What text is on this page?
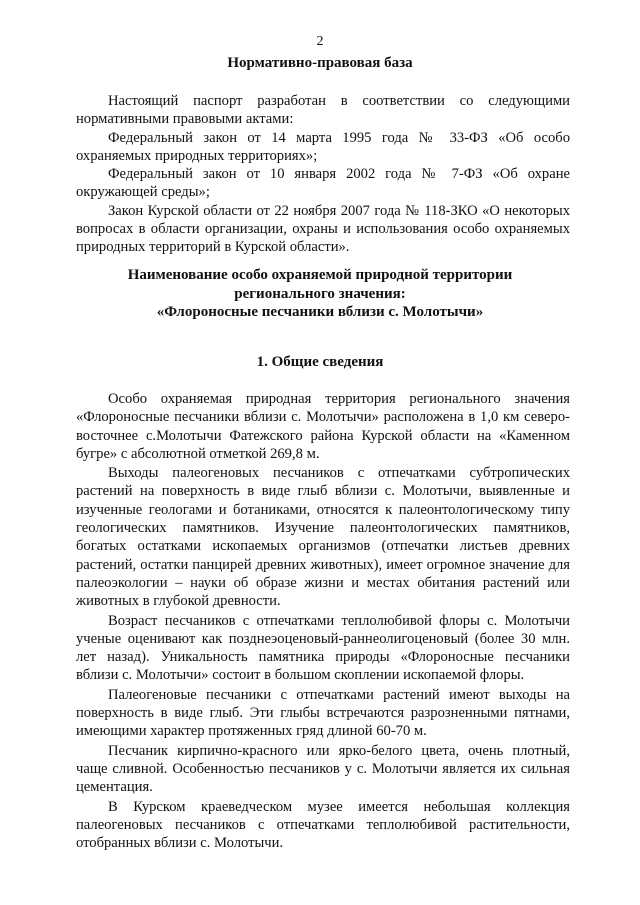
2
Нормативно-правовая база

Настоящий паспорт разработан в соответствии со следующими нормативными правовыми актами:

Федеральный закон от 14 марта 1995 года № 33-ФЗ «Об особо охраняемых природных территориях»;

Федеральный закон от 10 января 2002 года № 7-ФЗ «Об охране окружающей среды»;

Закон Курской области от 22 ноября 2007 года № 118-ЗКО «О некоторых вопросах в области организации, охраны и использования особо охраняемых природных территорий в Курской области».

Наименование особо охраняемой природной территории
регионального значения:
«Флороносные песчаники вблизи с. Молотычи»
1. Общие сведения

Особо охраняемая природная территория регионального значения «Флороносные песчаники вблизи с. Молотычи» расположена в 1,0 км северо-восточнее с.Молотычи Фатежского района Курской области на «Каменном бугре» с абсолютной отметкой 269,8 м.

Выходы палеогеновых песчаников с отпечатками субтропических растений на поверхность в виде глыб вблизи с. Молотычи, выявленные и изученные геологами и ботаниками, относятся к палеонтологическому типу геологических памятников. Изучение палеонтологических памятников, богатых остатками ископаемых организмов (отпечатки листьев древних растений, остатки панцирей древних животных), имеет огромное значение для палеоэкологии – науки об образе жизни и местах обитания растений или животных в глубокой древности.

Возраст песчаников с отпечатками теплолюбивой флоры с. Молотычи ученые оценивают как позднеэоценовый-раннеолигоценовый (более 30 млн. лет назад). Уникальность памятника природы «Флороносные песчаники вблизи с. Молотычи» состоит в большом скоплении ископаемой флоры.

Палеогеновые песчаники с отпечатками растений имеют выходы на поверхность в виде глыб. Эти глыбы встречаются разрозненными пятнами, имеющими характер протяженных гряд длиной 60-70 м.

Песчаник кирпично-красного или ярко-белого цвета, очень плотный, чаще сливной. Особенностью песчаников у с. Молотычи является их сильная цементация.

В Курском краеведческом музее имеется небольшая коллекция палеогеновых песчаников с отпечатками теплолюбивой растительности, отобранных вблизи с. Молотычи.
